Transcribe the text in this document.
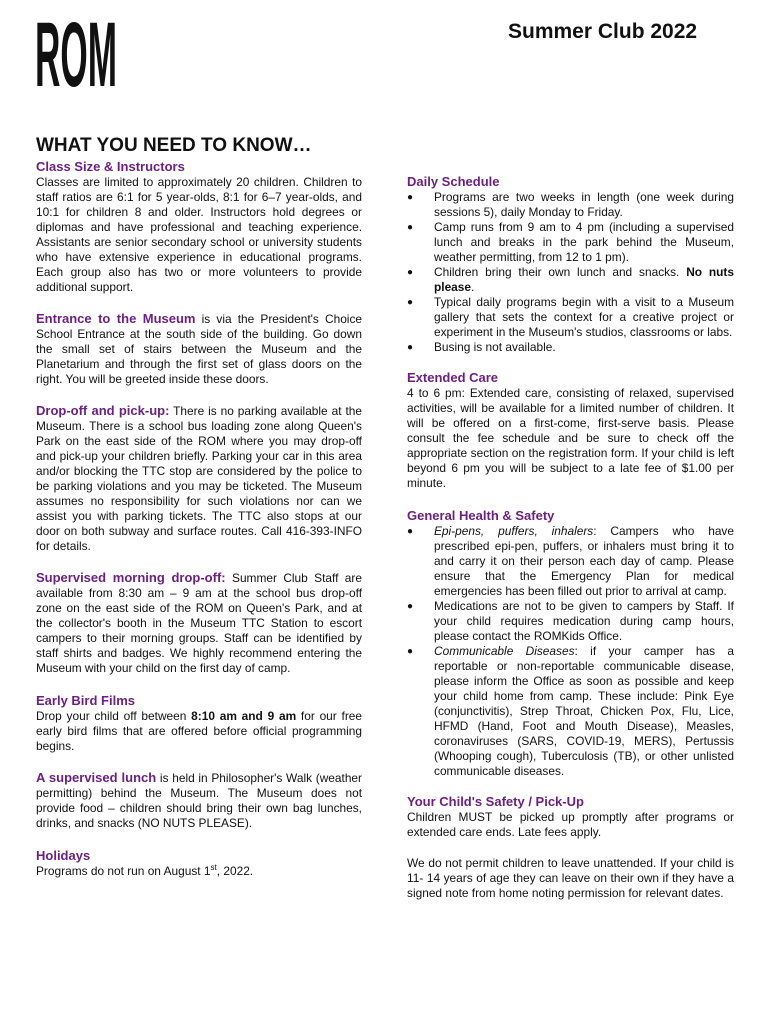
ROM	Summer Club 2022
WHAT YOU NEED TO KNOW…
Class Size & Instructors

Classes are limited to approximately 20 children. Children to staff ratios are 6:1 for 5 year-olds, 8:1 for 6–7 year-olds, and 10:1 for children 8 and older. Instructors hold degrees or diplomas and have professional and teaching experience. Assistants are senior secondary school or university students who have extensive experience in educational programs. Each group also has two or more volunteers to provide additional support.

Entrance to the Museum is via the President's Choice School Entrance at the south side of the building. Go down the small set of stairs between the Museum and the Planetarium and through the first set of glass doors on the right. You will be greeted inside these doors.

Drop-off and pick-up: There is no parking available at the Museum. There is a school bus loading zone along Queen's Park on the east side of the ROM where you may drop-off and pick-up your children briefly. Parking your car in this area and/or blocking the TTC stop are considered by the police to be parking violations and you may be ticketed. The Museum assumes no responsibility for such violations nor can we assist you with parking tickets. The TTC also stops at our door on both subway and surface routes. Call 416-393-INFO for details.

Supervised morning drop-off: Summer Club Staff are available from 8:30 am – 9 am at the school bus drop-off zone on the east side of the ROM on Queen's Park, and at the collector's booth in the Museum TTC Station to escort campers to their morning groups. Staff can be identified by staff shirts and badges. We highly recommend entering the Museum with your child on the first day of camp.

Early Bird Films

Drop your child off between 8:10 am and 9 am for our free early bird films that are offered before official programming begins.

A supervised lunch is held in Philosopher's Walk (weather permitting) behind the Museum. The Museum does not provide food – children should bring their own bag lunches, drinks, and snacks (NO NUTS PLEASE).

Holidays

Programs do not run on August 1st, 2022.

Daily Schedule
● Programs are two weeks in length (one week during sessions 5), daily Monday to Friday.
● Camp runs from 9 am to 4 pm (including a supervised lunch and breaks in the park behind the Museum, weather permitting, from 12 to 1 pm).
● Children bring their own lunch and snacks. No nuts please.
● Typical daily programs begin with a visit to a Museum gallery that sets the context for a creative project or experiment in the Museum's studios, classrooms or labs.
● Busing is not available.
Extended Care

4 to 6 pm: Extended care, consisting of relaxed, supervised activities, will be available for a limited number of children. It will be offered on a first-come, first-serve basis. Please consult the fee schedule and be sure to check off the appropriate section on the registration form. If your child is left beyond 6 pm you will be subject to a late fee of $1.00 per minute.

General Health & Safety
● Epi-pens, puffers, inhalers: Campers who have prescribed epi-pen, puffers, or inhalers must bring it to and carry it on their person each day of camp. Please ensure that the Emergency Plan for medical emergencies has been filled out prior to arrival at camp.
● Medications are not to be given to campers by Staff. If your child requires medication during camp hours, please contact the ROMKids Office.
● Communicable Diseases: if your camper has a reportable or non-reportable communicable disease, please inform the Office as soon as possible and keep your child home from camp. These include: Pink Eye (conjunctivitis), Strep Throat, Chicken Pox, Flu, Lice, HFMD (Hand, Foot and Mouth Disease), Measles, coronaviruses (SARS, COVID-19, MERS), Pertussis (Whooping cough), Tuberculosis (TB), or other unlisted communicable diseases.
Your Child's Safety / Pick-Up

Children MUST be picked up promptly after programs or extended care ends. Late fees apply.

We do not permit children to leave unattended. If your child is 11- 14 years of age they can leave on their own if they have a signed note from home noting permission for relevant dates.
